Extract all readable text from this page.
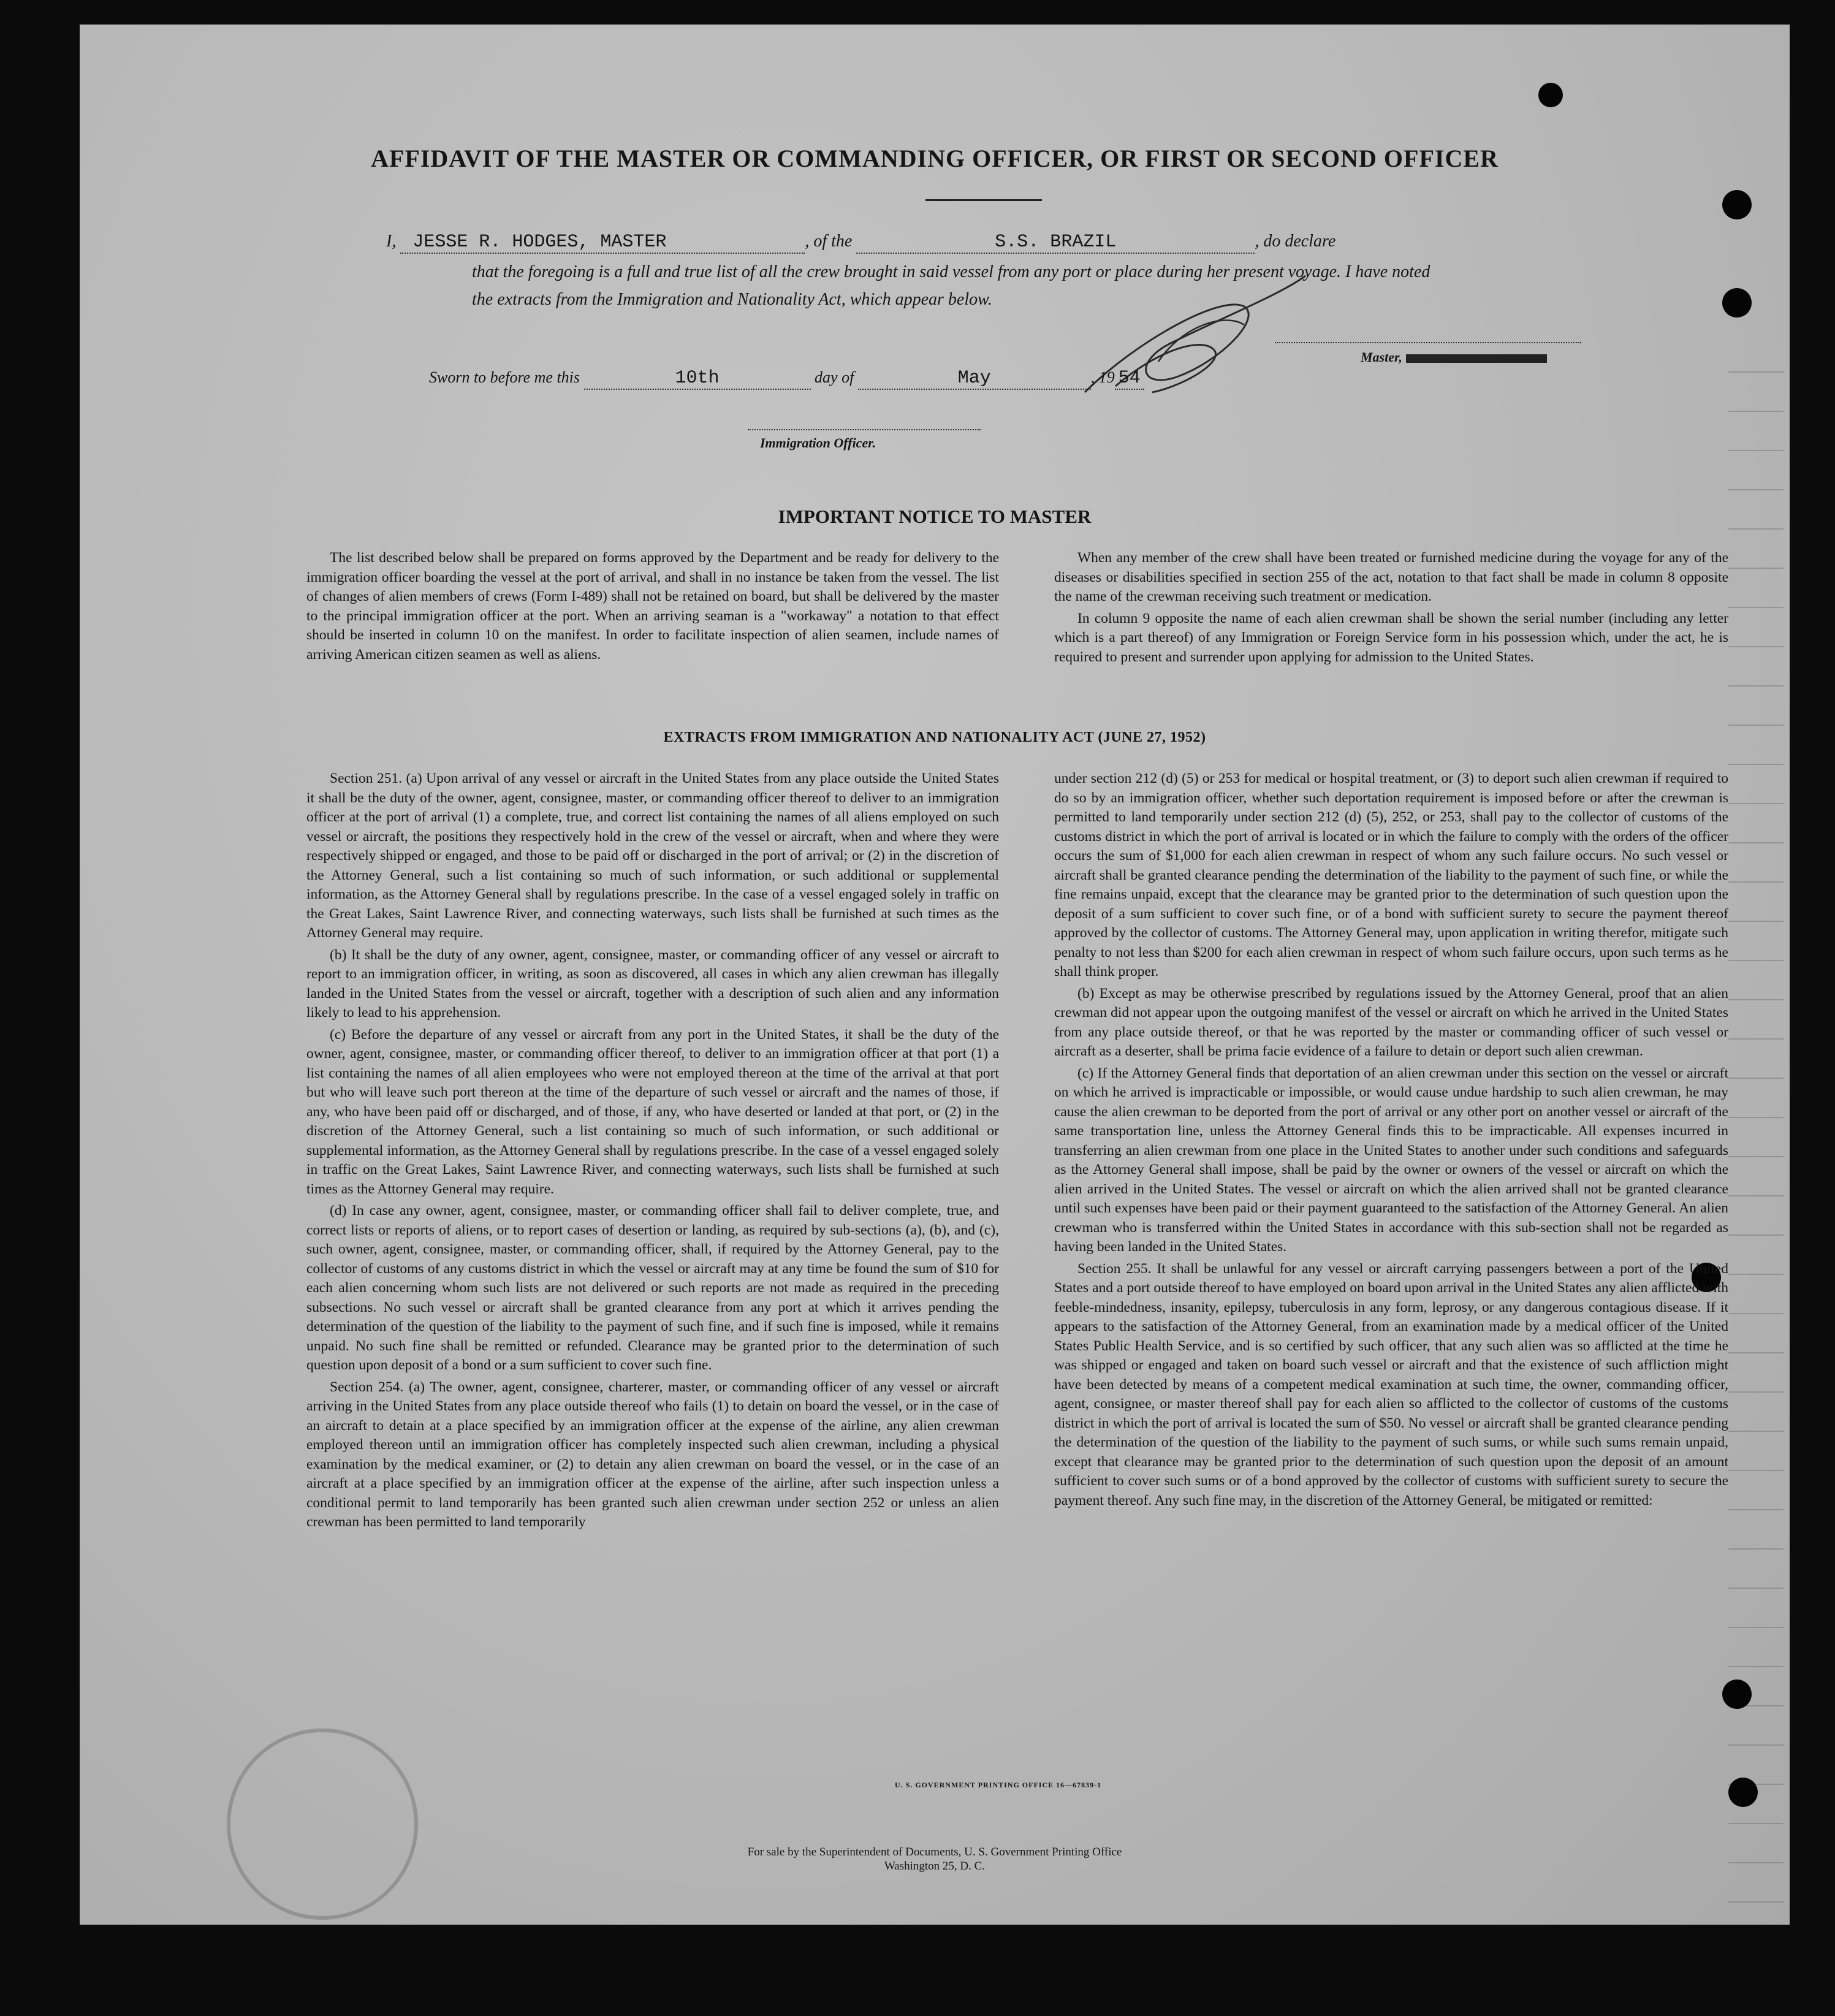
AFFIDAVIT OF THE MASTER OR COMMANDING OFFICER, OR FIRST OR SECOND OFFICER
I, JESSE R. HODGES, MASTER	, of the	S.S. BRAZIL	, do declare

that the foregoing is a full and true list of all the crew brought in said vessel from any port or place during her present voyage. I have noted

the extracts from the Immigration and Nationality Act, which appear below.

Master,
Sworn to before me this	10th	day of	May	, 19 54
Immigration Officer.
IMPORTANT NOTICE TO MASTER

The list described below shall be prepared on forms approved by the Department and be ready for delivery to the immigration officer boarding the vessel at the port of arrival, and shall in no instance be taken from the vessel. The list of changes of alien members of crews (Form I-489) shall not be retained on board, but shall be delivered by the master to the principal immigration officer at the port. When an arriving seaman is a "workaway" a notation to that effect should be inserted in column 10 on the manifest. In order to facilitate inspection of alien seamen, include names of arriving American citizen seamen as well as aliens.

When any member of the crew shall have been treated or furnished medicine during the voyage for any of the diseases or disabilities specified in section 255 of the act, notation to that fact shall be made in column 8 opposite the name of the crewman receiving such treatment or medication.

In column 9 opposite the name of each alien crewman shall be shown the serial number (including any letter which is a part thereof) of any Immigration or Foreign Service form in his possession which, under the act, he is required to present and surrender upon applying for admission to the United States.

EXTRACTS FROM IMMIGRATION AND NATIONALITY ACT (JUNE 27, 1952)

Section 251. (a) Upon arrival of any vessel or aircraft in the United States from any place outside the United States it shall be the duty of the owner, agent, consignee, master, or commanding officer thereof to deliver to an immigration officer at the port of arrival (1) a complete, true, and correct list containing the names of all aliens employed on such vessel or aircraft, the positions they respectively hold in the crew of the vessel or aircraft, when and where they were respectively shipped or engaged, and those to be paid off or discharged in the port of arrival; or (2) in the discretion of the Attorney General, such a list containing so much of such information, or such additional or supplemental information, as the Attorney General shall by regulations prescribe. In the case of a vessel engaged solely in traffic on the Great Lakes, Saint Lawrence River, and connecting waterways, such lists shall be furnished at such times as the Attorney General may require.

(b) It shall be the duty of any owner, agent, consignee, master, or commanding officer of any vessel or aircraft to report to an immigration officer, in writing, as soon as discovered, all cases in which any alien crewman has illegally landed in the United States from the vessel or aircraft, together with a description of such alien and any information likely to lead to his apprehension.

(c) Before the departure of any vessel or aircraft from any port in the United States, it shall be the duty of the owner, agent, consignee, master, or commanding officer thereof, to deliver to an immigration officer at that port (1) a list containing the names of all alien employees who were not employed thereon at the time of the arrival at that port but who will leave such port thereon at the time of the departure of such vessel or aircraft and the names of those, if any, who have been paid off or discharged, and of those, if any, who have deserted or landed at that port, or (2) in the discretion of the Attorney General, such a list containing so much of such information, or such additional or supplemental information, as the Attorney General shall by regulations prescribe. In the case of a vessel engaged solely in traffic on the Great Lakes, Saint Lawrence River, and connecting waterways, such lists shall be furnished at such times as the Attorney General may require.

(d) In case any owner, agent, consignee, master, or commanding officer shall fail to deliver complete, true, and correct lists or reports of aliens, or to report cases of desertion or landing, as required by sub-sections (a), (b), and (c), such owner, agent, consignee, master, or commanding officer, shall, if required by the Attorney General, pay to the collector of customs of any customs district in which the vessel or aircraft may at any time be found the sum of $10 for each alien concerning whom such lists are not delivered or such reports are not made as required in the preceding subsections. No such vessel or aircraft shall be granted clearance from any port at which it arrives pending the determination of the question of the liability to the payment of such fine, and if such fine is imposed, while it remains unpaid. No such fine shall be remitted or refunded. Clearance may be granted prior to the determination of such question upon deposit of a bond or a sum sufficient to cover such fine.

Section 254. (a) The owner, agent, consignee, charterer, master, or commanding officer of any vessel or aircraft arriving in the United States from any place outside thereof who fails (1) to detain on board the vessel, or in the case of an aircraft to detain at a place specified by an immigration officer at the expense of the airline, any alien crewman employed thereon until an immigration officer has completely inspected such alien crewman, including a physical examination by the medical examiner, or (2) to detain any alien crewman on board the vessel, or in the case of an aircraft at a place specified by an immigration officer at the expense of the airline, after such inspection unless a conditional permit to land temporarily has been granted such alien crewman under section 252 or unless an alien crewman has been permitted to land temporarily

under section 212 (d) (5) or 253 for medical or hospital treatment, or (3) to deport such alien crewman if required to do so by an immigration officer, whether such deportation requirement is imposed before or after the crewman is permitted to land temporarily under section 212 (d) (5), 252, or 253, shall pay to the collector of customs of the customs district in which the port of arrival is located or in which the failure to comply with the orders of the officer occurs the sum of $1,000 for each alien crewman in respect of whom any such failure occurs. No such vessel or aircraft shall be granted clearance pending the determination of the liability to the payment of such fine, or while the fine remains unpaid, except that the clearance may be granted prior to the determination of such question upon the deposit of a sum sufficient to cover such fine, or of a bond with sufficient surety to secure the payment thereof approved by the collector of customs. The Attorney General may, upon application in writing therefor, mitigate such penalty to not less than $200 for each alien crewman in respect of whom such failure occurs, upon such terms as he shall think proper.

(b) Except as may be otherwise prescribed by regulations issued by the Attorney General, proof that an alien crewman did not appear upon the outgoing manifest of the vessel or aircraft on which he arrived in the United States from any place outside thereof, or that he was reported by the master or commanding officer of such vessel or aircraft as a deserter, shall be prima facie evidence of a failure to detain or deport such alien crewman.

(c) If the Attorney General finds that deportation of an alien crewman under this section on the vessel or aircraft on which he arrived is impracticable or impossible, or would cause undue hardship to such alien crewman, he may cause the alien crewman to be deported from the port of arrival or any other port on another vessel or aircraft of the same transportation line, unless the Attorney General finds this to be impracticable. All expenses incurred in transferring an alien crewman from one place in the United States to another under such conditions and safeguards as the Attorney General shall impose, shall be paid by the owner or owners of the vessel or aircraft on which the alien arrived in the United States. The vessel or aircraft on which the alien arrived shall not be granted clearance until such expenses have been paid or their payment guaranteed to the satisfaction of the Attorney General. An alien crewman who is transferred within the United States in accordance with this sub-section shall not be regarded as having been landed in the United States.

Section 255. It shall be unlawful for any vessel or aircraft carrying passengers between a port of the United States and a port outside thereof to have employed on board upon arrival in the United States any alien afflicted with feeble-mindedness, insanity, epilepsy, tuberculosis in any form, leprosy, or any dangerous contagious disease. If it appears to the satisfaction of the Attorney General, from an examination made by a medical officer of the United States Public Health Service, and is so certified by such officer, that any such alien was so afflicted at the time he was shipped or engaged and taken on board such vessel or aircraft and that the existence of such affliction might have been detected by means of a competent medical examination at such time, the owner, commanding officer, agent, consignee, or master thereof shall pay for each alien so afflicted to the collector of customs of the customs district in which the port of arrival is located the sum of $50. No vessel or aircraft shall be granted clearance pending the determination of the question of the liability to the payment of such sums, or while such sums remain unpaid, except that clearance may be granted prior to the determination of such question upon the deposit of an amount sufficient to cover such sums or of a bond approved by the collector of customs with sufficient surety to secure the payment thereof. Any such fine may, in the discretion of the Attorney General, be mitigated or remitted:

U. S. GOVERNMENT PRINTING OFFICE 16—67839-1
For sale by the Superintendent of Documents, U. S. Government Printing Office
Washington 25, D. C.
